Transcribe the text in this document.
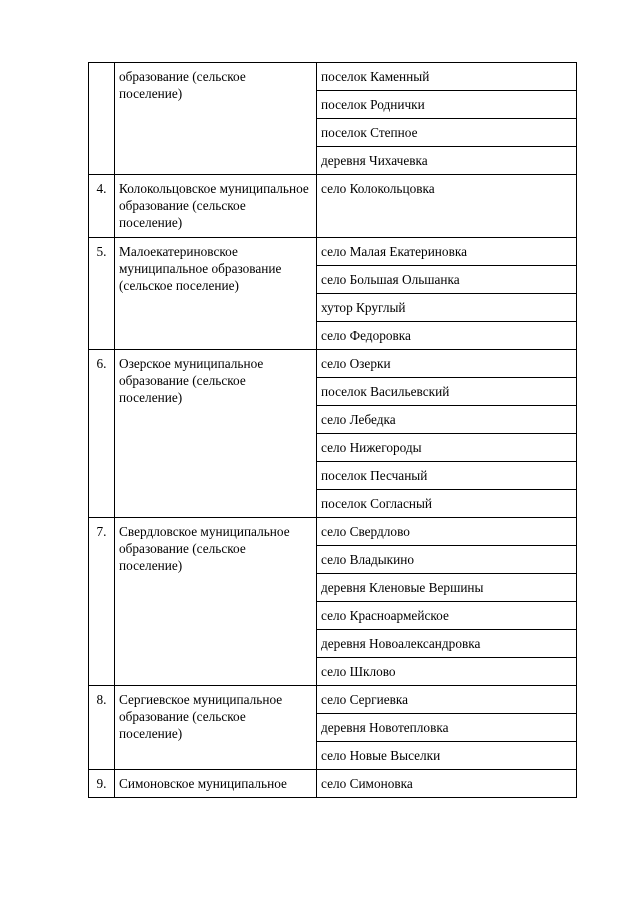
	образование (сельское поселение)	поселок Каменный
		поселок Роднички
		поселок Степное
		деревня Чихачевка
4.	Колокольцовское муниципальное образование (сельское поселение)	село Колокольцовка
5.	Малоекатериновское муниципальное образование (сельское поселение)	село Малая Екатериновка
		село Большая Ольшанка
		хутор Круглый
		село Федоровка
6.	Озерское муниципальное образование (сельское поселение)	село Озерки
		поселок Васильевский
		село Лебедка
		село Нижегороды
		поселок Песчаный
		поселок Согласный
7.	Свердловское муниципальное образование (сельское поселение)	село Свердлово
		село Владыкино
		деревня Кленовые Вершины
		село Красноармейское
		деревня Новоалександровка
		село Шклово
8.	Сергиевское муниципальное образование (сельское поселение)	село Сергиевка
		деревня Новотепловка
		село Новые Выселки
9.	Симоновское муниципальное	село Симоновка
